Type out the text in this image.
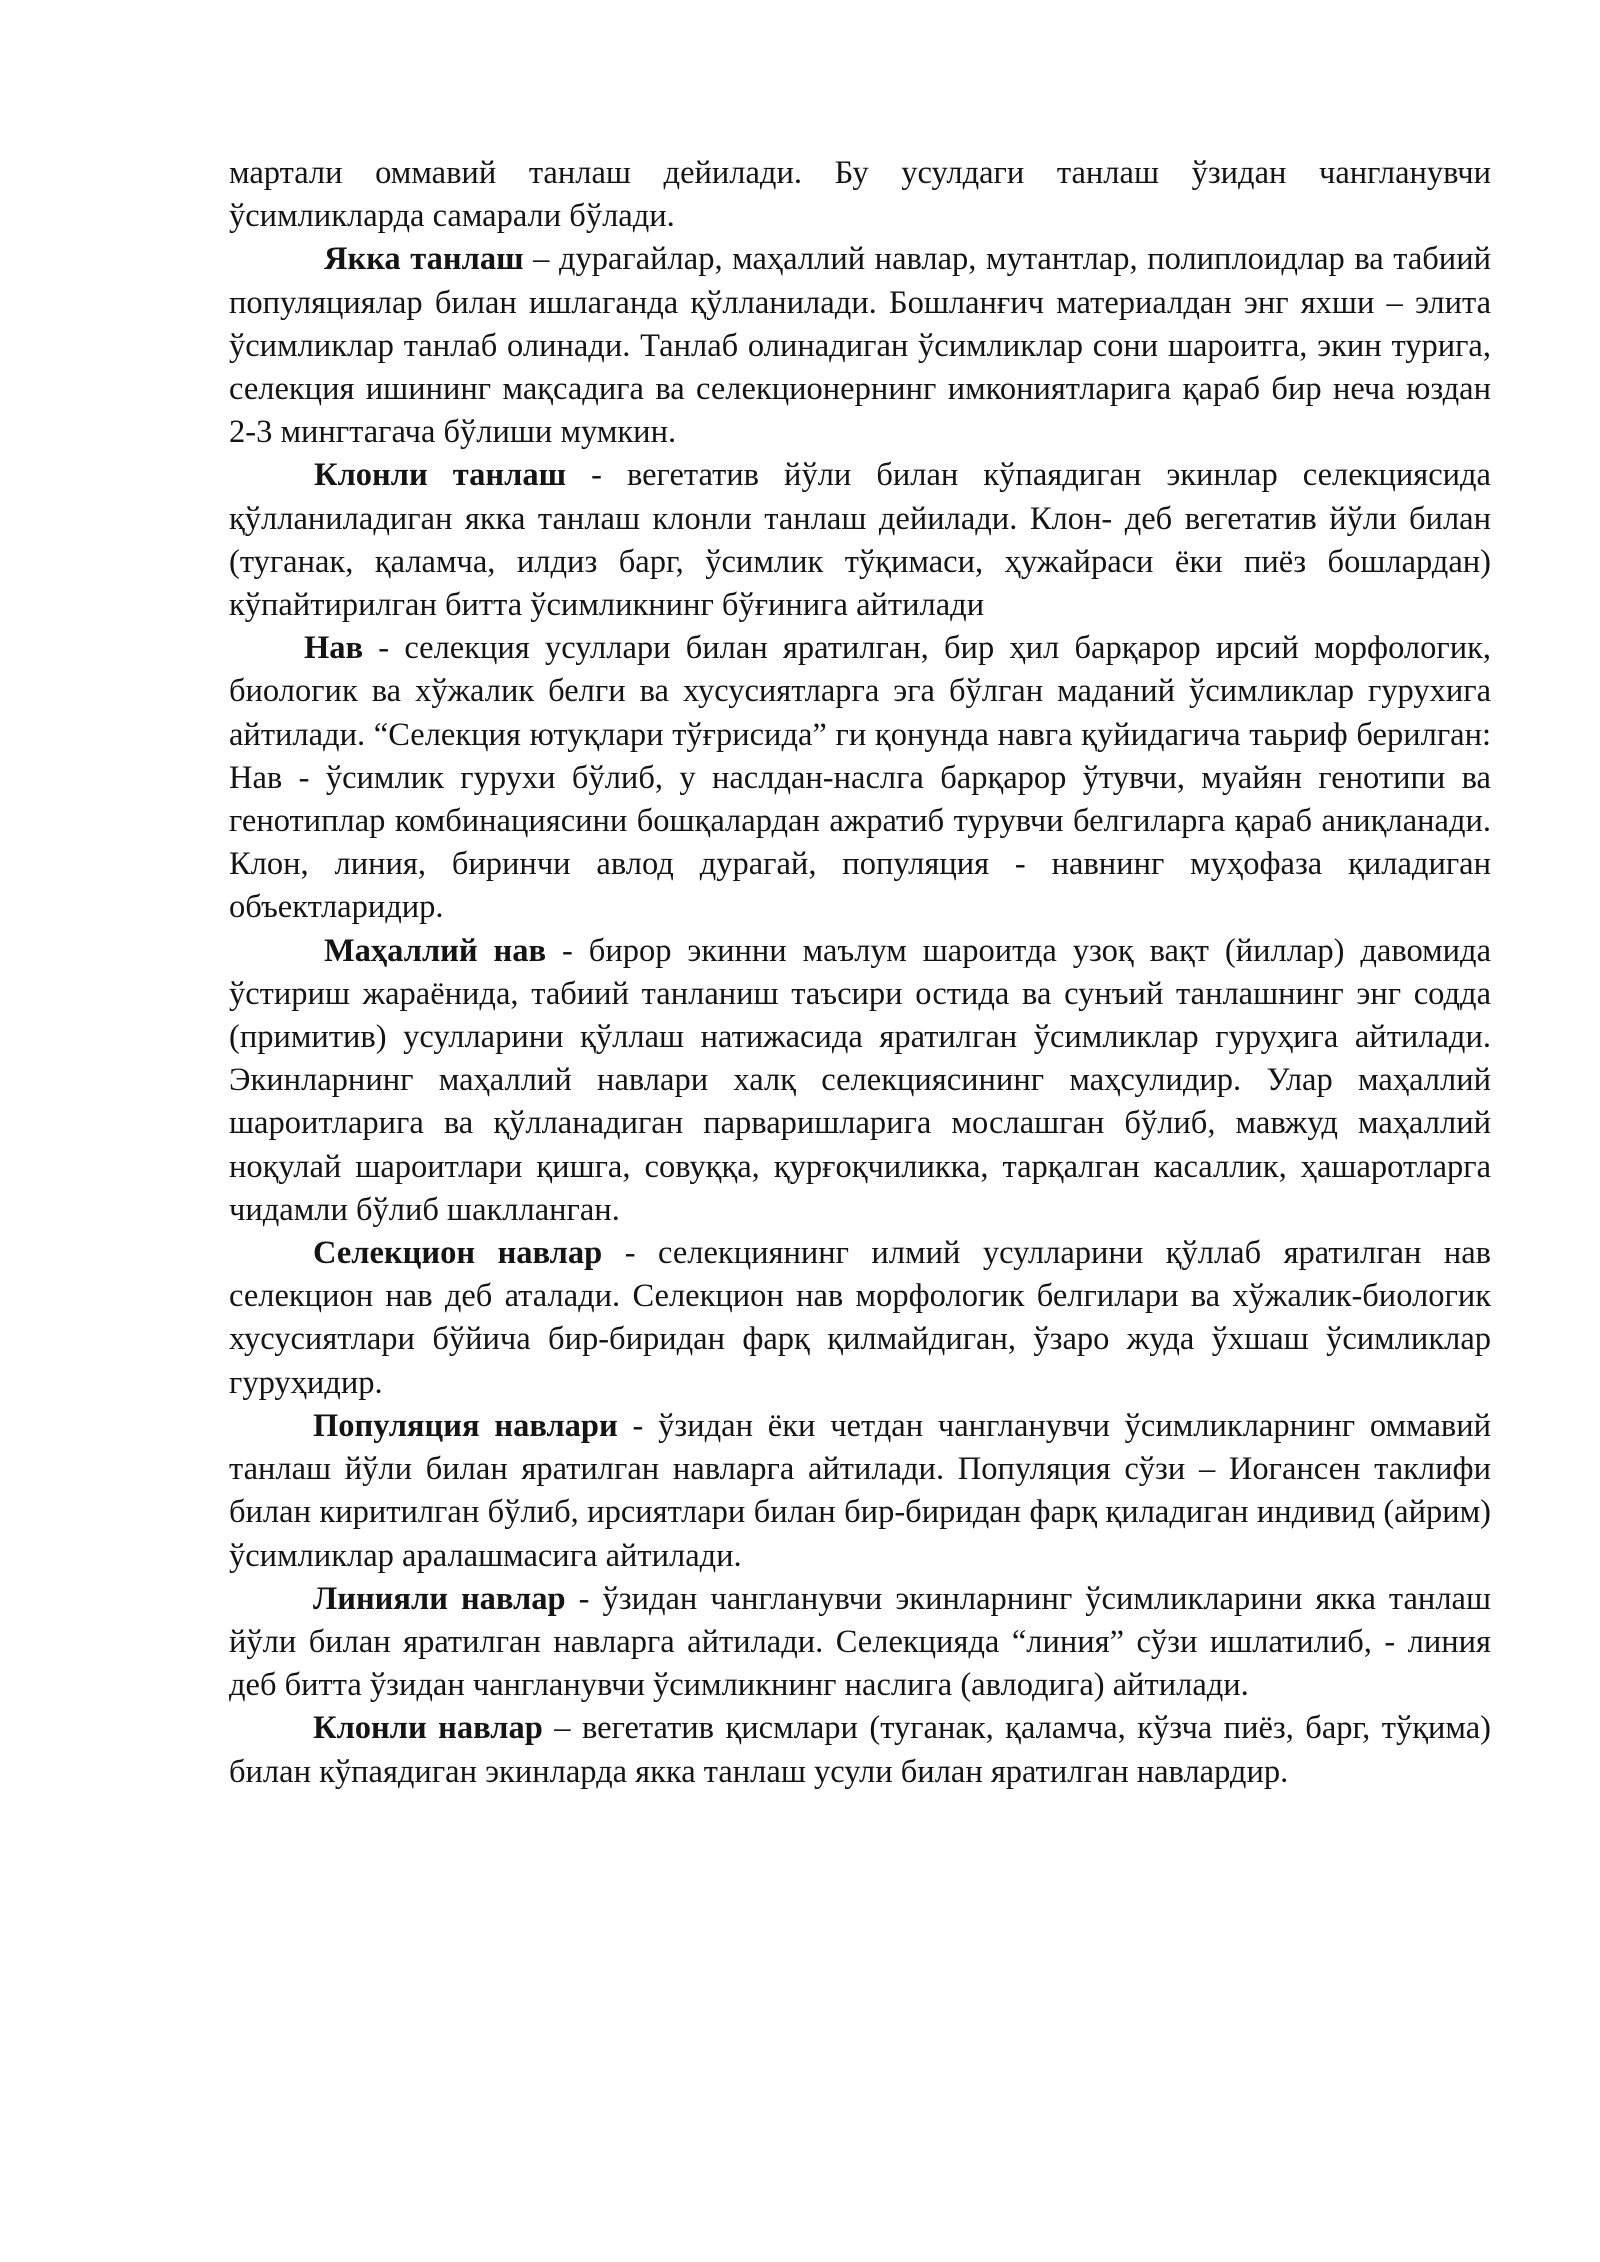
мартали оммавий танлаш дейилади. Бу усулдаги танлаш ўзидан чангланувчи ўсимликларда самарали бўлади.

Якка танлаш – дурагайлар, маҳаллий навлар, мутантлар, полиплоидлар ва табиий популяциялар билан ишлаганда қўлланилади. Бошланғич материалдан энг яхши – элита ўсимликлар танлаб олинади. Танлаб олинадиган ўсимликлар сони шароитга, экин турига, селекция ишининг мақсадига ва селекционернинг имкониятларига қараб бир неча юздан 2-3 мингтагача бўлиши мумкин.

Клонли танлаш - вегетатив йўли билан кўпаядиган экинлар селекциясида қўлланиладиган якка танлаш клонли танлаш дейилади. Клон- деб вегетатив йўли билан (туганак, қаламча, илдиз барг, ўсимлик тўқимаси, ҳужайраси ёки пиёз бошлардан) кўпайтирилган битта ўсимликнинг бўғинига айтилади

Нав - селекция усуллари билан яратилган, бир ҳил барқарор ирсий морфологик, биологик ва хўжалик белги ва хусусиятларга эга бўлган маданий ўсимликлар гурухига айтилади. “Селекция ютуқлари тўғрисида” ги қонунда навга қуйидагича таьриф берилган: Нав - ўсимлик гурухи бўлиб, у наслдан-наслга барқарор ўтувчи, муайян генотипи ва генотиплар комбинациясини бошқалардан ажратиб турувчи белгиларга қараб аниқланади. Клон, линия, биринчи авлод дурагай, популяция - навнинг муҳофаза қиладиган объектларидир.

Маҳаллий нав - бирор экинни маълум шароитда узоқ вақт (йиллар) давомида ўстириш жараёнида, табиий танланиш таъсири остида ва сунъий танлашнинг энг содда (примитив) усулларини қўллаш натижасида яратилган ўсимликлар гуруҳига айтилади. Экинларнинг маҳаллий навлари халқ селекциясининг маҳсулидир. Улар маҳаллий шароитларига ва қўлланадиган парваришларига мослашган бўлиб, мавжуд маҳаллий ноқулай шароитлари қишга, совуққа, қурғоқчиликка, тарқалган касаллик, ҳашаротларга чидамли бўлиб шаклланган.

Селекцион навлар - селекциянинг илмий усулларини қўллаб яратилган нав селекцион нав деб аталади. Селекцион нав морфологик белгилари ва хўжалик-биологик хусусиятлари бўйича бир-биридан фарқ қилмайдиган, ўзаро жуда ўхшаш ўсимликлар гуруҳидир.

Популяция навлари - ўзидан ёки четдан чангланувчи ўсимликларнинг оммавий танлаш йўли билан яратилган навларга айтилади. Популяция сўзи – Иогансен таклифи билан киритилган бўлиб, ирсиятлари билан бир-биридан фарқ қиладиган индивид (айрим) ўсимликлар аралашмасига айтилади.

Линияли навлар - ўзидан чангланувчи экинларнинг ўсимликларини якка танлаш йўли билан яратилган навларга айтилади. Селекцияда “линия” сўзи ишлатилиб, - линия деб битта ўзидан чангланувчи ўсимликнинг наслига (авлодига) айтилади.

Клонли навлар – вегетатив қисмлари (туганак, қаламча, кўзча пиёз, барг, тўқима) билан кўпаядиган экинларда якка танлаш усули билан яратилган навлардир.
